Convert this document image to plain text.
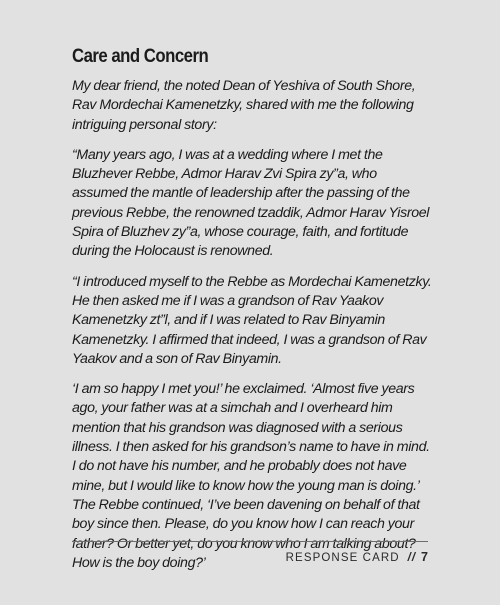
Care and Concern

My dear friend, the noted Dean of Yeshiva of South Shore, Rav Mordechai Kamenetzky, shared with me the following intriguing personal story:

“Many years ago, I was at a wedding where I met the Bluzhever Rebbe, Admor Harav Zvi Spira zy”a, who assumed the mantle of leadership after the passing of the previous Rebbe, the renowned tzaddik, Admor Harav Yisroel Spira of Bluzhev zy”a, whose courage, faith, and fortitude during the Holocaust is renowned.

“I introduced myself to the Rebbe as Mordechai Kamenetzky. He then asked me if I was a grandson of Rav Yaakov Kamenetzky zt”l, and if I was related to Rav Binyamin Kamenetzky. I affirmed that indeed, I was a grandson of Rav Yaakov and a son of Rav Binyamin.

‘I am so happy I met you!’ he exclaimed. ‘Almost five years ago, your father was at a simchah and I overheard him mention that his grandson was diagnosed with a serious illness. I then asked for his grandson’s name to have in mind. I do not have his number, and he probably does not have mine, but I would like to know how the young man is doing.’ The Rebbe continued, ‘I’ve been davening on behalf of that boy since then. Please, do you know how I can reach your father? Or better yet, do you know who I am talking about? How is the boy doing?’	RESPONSE CARD // 7
